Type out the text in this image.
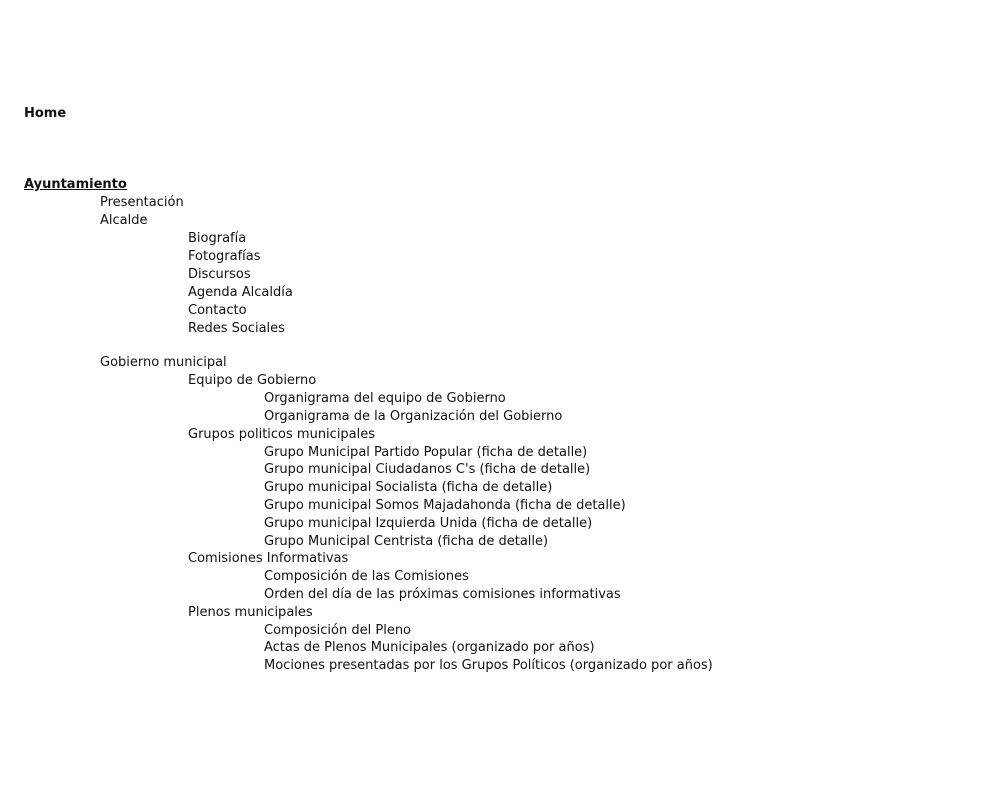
Home
Ayuntamiento
Presentación
Alcalde
Biografía
Fotografías
Discursos
Agenda Alcaldía
Contacto
Redes Sociales
Gobierno municipal
Equipo de Gobierno
Organigrama del equipo de Gobierno
Organigrama de la Organización del Gobierno
Grupos politicos municipales
Grupo Municipal Partido Popular (ficha de detalle)
Grupo municipal Ciudadanos C's (ficha de detalle)
Grupo municipal Socialista (ficha de detalle)
Grupo municipal Somos Majadahonda (ficha de detalle)
Grupo municipal Izquierda Unida (ficha de detalle)
Grupo Municipal Centrista (ficha de detalle)
Comisiones Informativas
Composición de las Comisiones
Orden del día de las próximas comisiones informativas
Plenos municipales
Composición del Pleno
Actas de Plenos Municipales (organizado por años)
Mociones presentadas por los Grupos Políticos (organizado por años)
